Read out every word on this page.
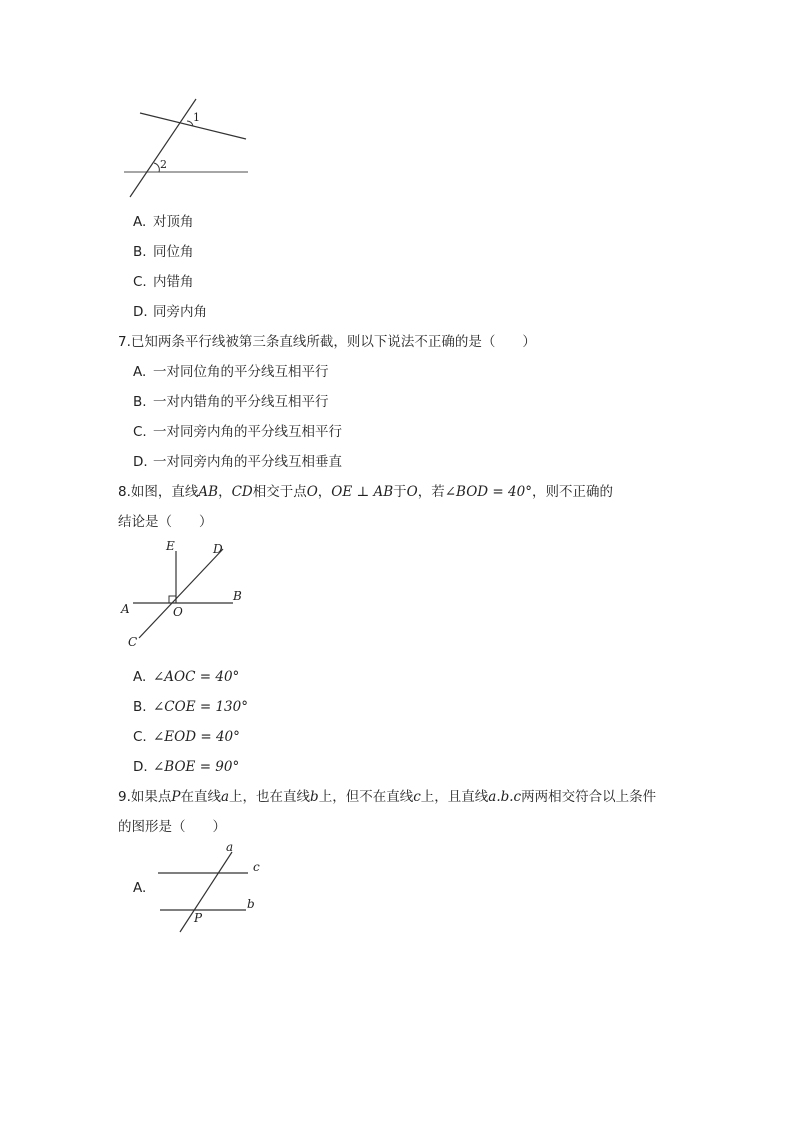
1
2
A. 对顶角
B. 同位角
C. 内错角
D. 同旁内角
7.已知两条平行线被第三条直线所截，则以下说法不正确的是（　　）
A. 一对同位角的平分线互相平行
B. 一对内错角的平分线互相平行
C. 一对同旁内角的平分线互相平行
D. 一对同旁内角的平分线互相垂直
8.如图，直线AB，CD相交于点O，OE ⊥ AB于O，若∠BOD = 40°，则不正确的
结论是（　　）
E	D
A	O
B
C
A. ∠AOC = 40°
B. ∠COE = 130°
C. ∠EOD = 40°
D. ∠BOE = 90°
9.如果点P在直线a上，也在直线b上，但不在直线c上，且直线a.b.c两两相交符合以上条件
的图形是（　　）
A.
a
c
b
P
